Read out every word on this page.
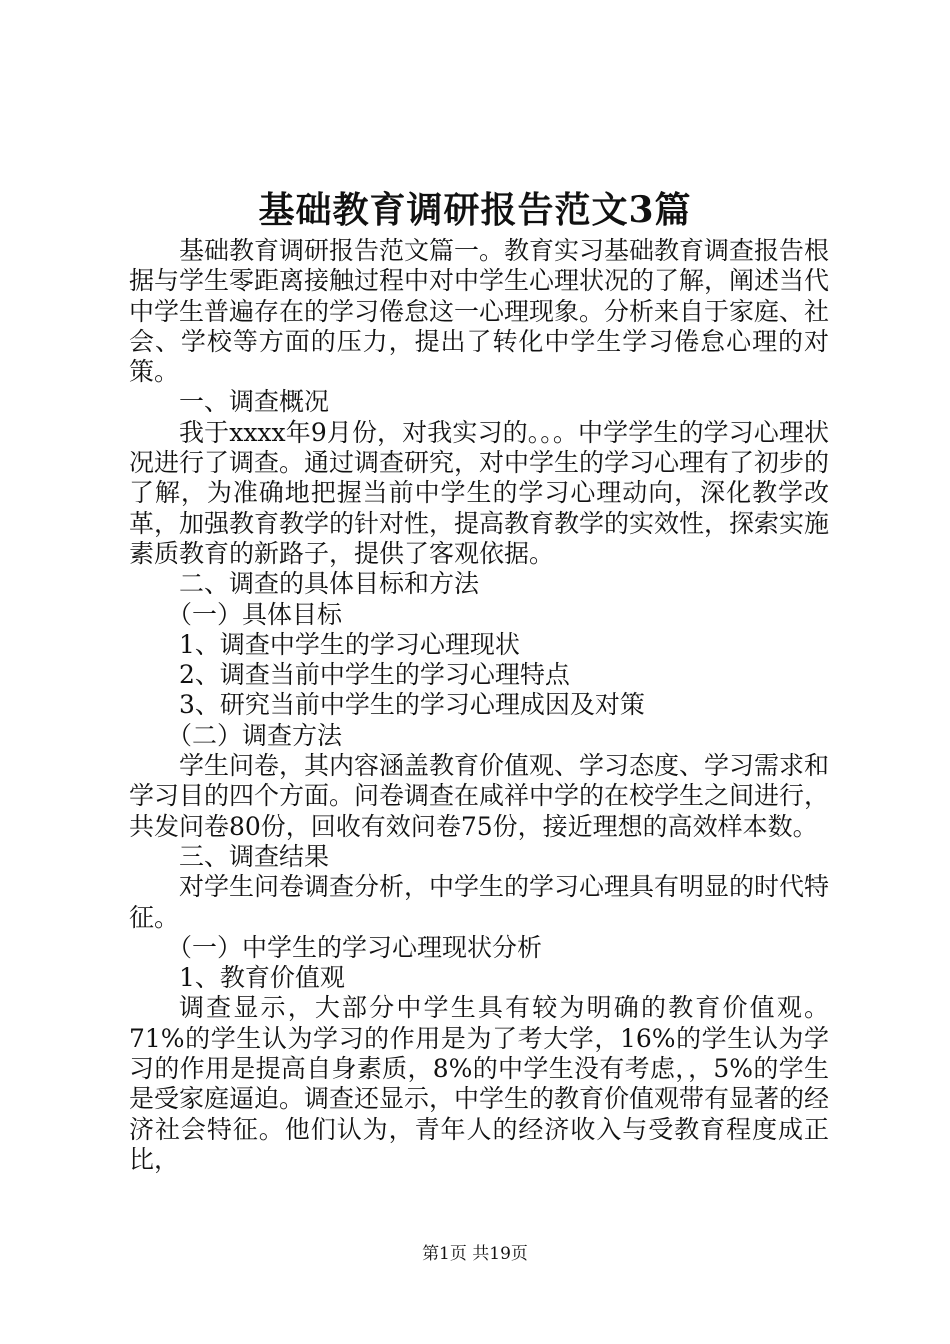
基础教育调研报告范文3篇

基础教育调研报告范文篇一。教育实习基础教育调查报告根据与学生零距离接触过程中对中学生心理状况的了解，阐述当代中学生普遍存在的学习倦怠这一心理现象。分析来自于家庭、社会、学校等方面的压力，提出了转化中学生学习倦怠心理的对策。

一、调查概况

我于xxxx年9月份，对我实习的。。。中学学生的学习心理状况进行了调查。通过调查研究，对中学生的学习心理有了初步的了解，为准确地把握当前中学生的学习心理动向，深化教学改革，加强教育教学的针对性，提高教育教学的实效性，探索实施素质教育的新路子，提供了客观依据。

二、调查的具体目标和方法

（一）具体目标

1、调查中学生的学习心理现状

2、调查当前中学生的学习心理特点

3、研究当前中学生的学习心理成因及对策

（二）调查方法

学生问卷，其内容涵盖教育价值观、学习态度、学习需求和学习目的四个方面。问卷调查在咸祥中学的在校学生之间进行，共发问卷80份，回收有效问卷75份，接近理想的高效样本数。

三、调查结果

对学生问卷调查分析，中学生的学习心理具有明显的时代特征。

（一）中学生的学习心理现状分析

1、教育价值观

调查显示，大部分中学生具有较为明确的教育价值观。71%的学生认为学习的作用是为了考大学，16%的学生认为学习的作用是提高自身素质，8%的中学生没有考虑，，5%的学生是受家庭逼迫。调查还显示，中学生的教育价值观带有显著的经济社会特征。他们认为，青年人的经济收入与受教育程度成正比，

第1页 共19页
